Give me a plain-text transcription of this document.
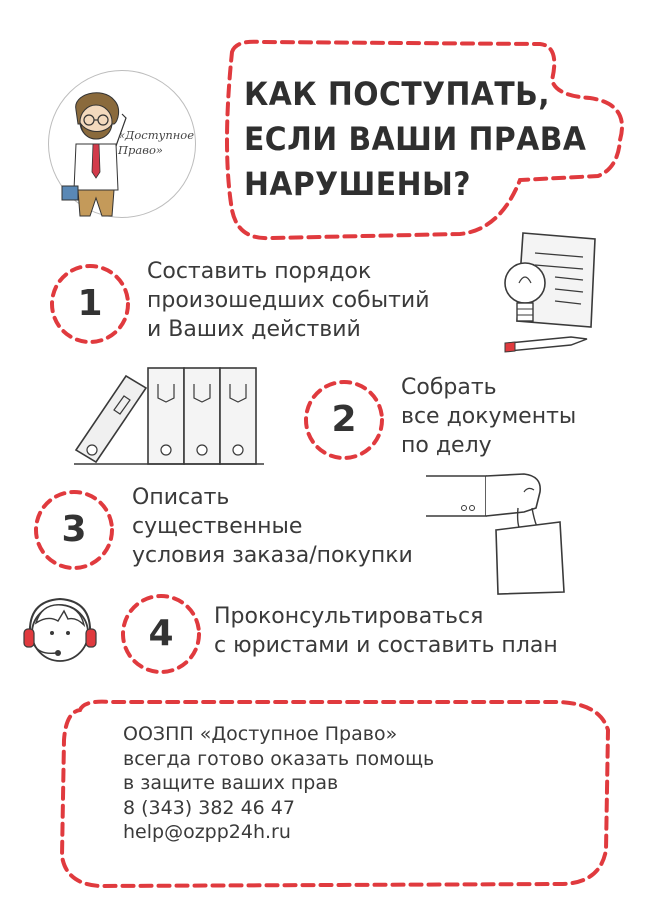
«Доступное Право»
КАК ПОСТУПАТЬ,
ЕСЛИ ВАШИ ПРАВА
НАРУШЕНЫ?
1
Составить порядок
произошедших событий
и Ваших действий
2
Собрать
все документы
по делу
3
Описать
существенные
условия заказа/покупки
4	Проконсультироваться
с юристами и составить план
ООЗПП «Доступное Право»
всегда готово оказать помощь
в защите ваших прав
8 (343) 382 46 47
help@ozpp24h.ru
